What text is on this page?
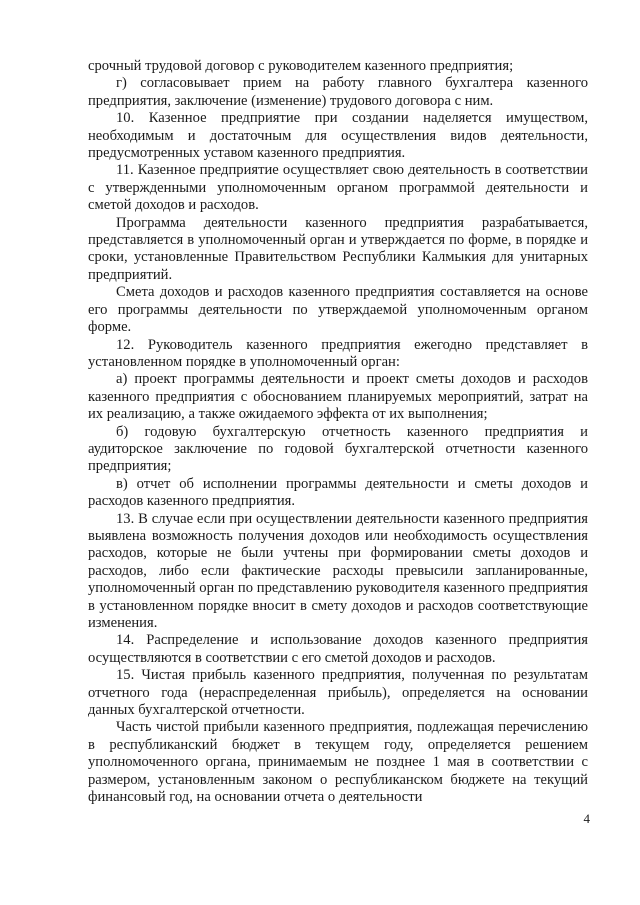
срочный трудовой договор с руководителем казенного предприятия;

г) согласовывает прием на работу главного бухгалтера казенного предприятия, заключение (изменение) трудового договора с ним.

10. Казенное предприятие при создании наделяется имуществом, необходимым и достаточным для осуществления видов деятельности, предусмотренных уставом казенного предприятия.

11. Казенное предприятие осуществляет свою деятельность в соответствии с утвержденными уполномоченным органом программой деятельности и сметой доходов и расходов.

Программа деятельности казенного предприятия разрабатывается, представляется в уполномоченный орган и утверждается по форме, в порядке и сроки, установленные Правительством Республики Калмыкия для унитарных предприятий.

Смета доходов и расходов казенного предприятия составляется на основе его программы деятельности по утверждаемой уполномоченным органом форме.

12. Руководитель казенного предприятия ежегодно представляет в установленном порядке в уполномоченный орган:

а) проект программы деятельности и проект сметы доходов и расходов казенного предприятия с обоснованием планируемых мероприятий, затрат на их реализацию, а также ожидаемого эффекта от их выполнения;

б) годовую бухгалтерскую отчетность казенного предприятия и аудиторское заключение по годовой бухгалтерской отчетности казенного предприятия;

в) отчет об исполнении программы деятельности и сметы доходов и расходов казенного предприятия.

13. В случае если при осуществлении деятельности казенного предприятия выявлена возможность получения доходов или необходимость осуществления расходов, которые не были учтены при формировании сметы доходов и расходов, либо если фактические расходы превысили запланированные, уполномоченный орган по представлению руководителя казенного предприятия в установленном порядке вносит в смету доходов и расходов соответствующие изменения.

14. Распределение и использование доходов казенного предприятия осуществляются в соответствии с его сметой доходов и расходов.

15. Чистая прибыль казенного предприятия, полученная по результатам отчетного года (нераспределенная прибыль), определяется на основании данных бухгалтерской отчетности.

Часть чистой прибыли казенного предприятия, подлежащая перечислению в республиканский бюджет в текущем году, определяется решением уполномоченного органа, принимаемым не позднее 1 мая в соответствии с размером, установленным законом о республиканском бюджете на текущий финансовый год, на основании отчета о деятельности

4
